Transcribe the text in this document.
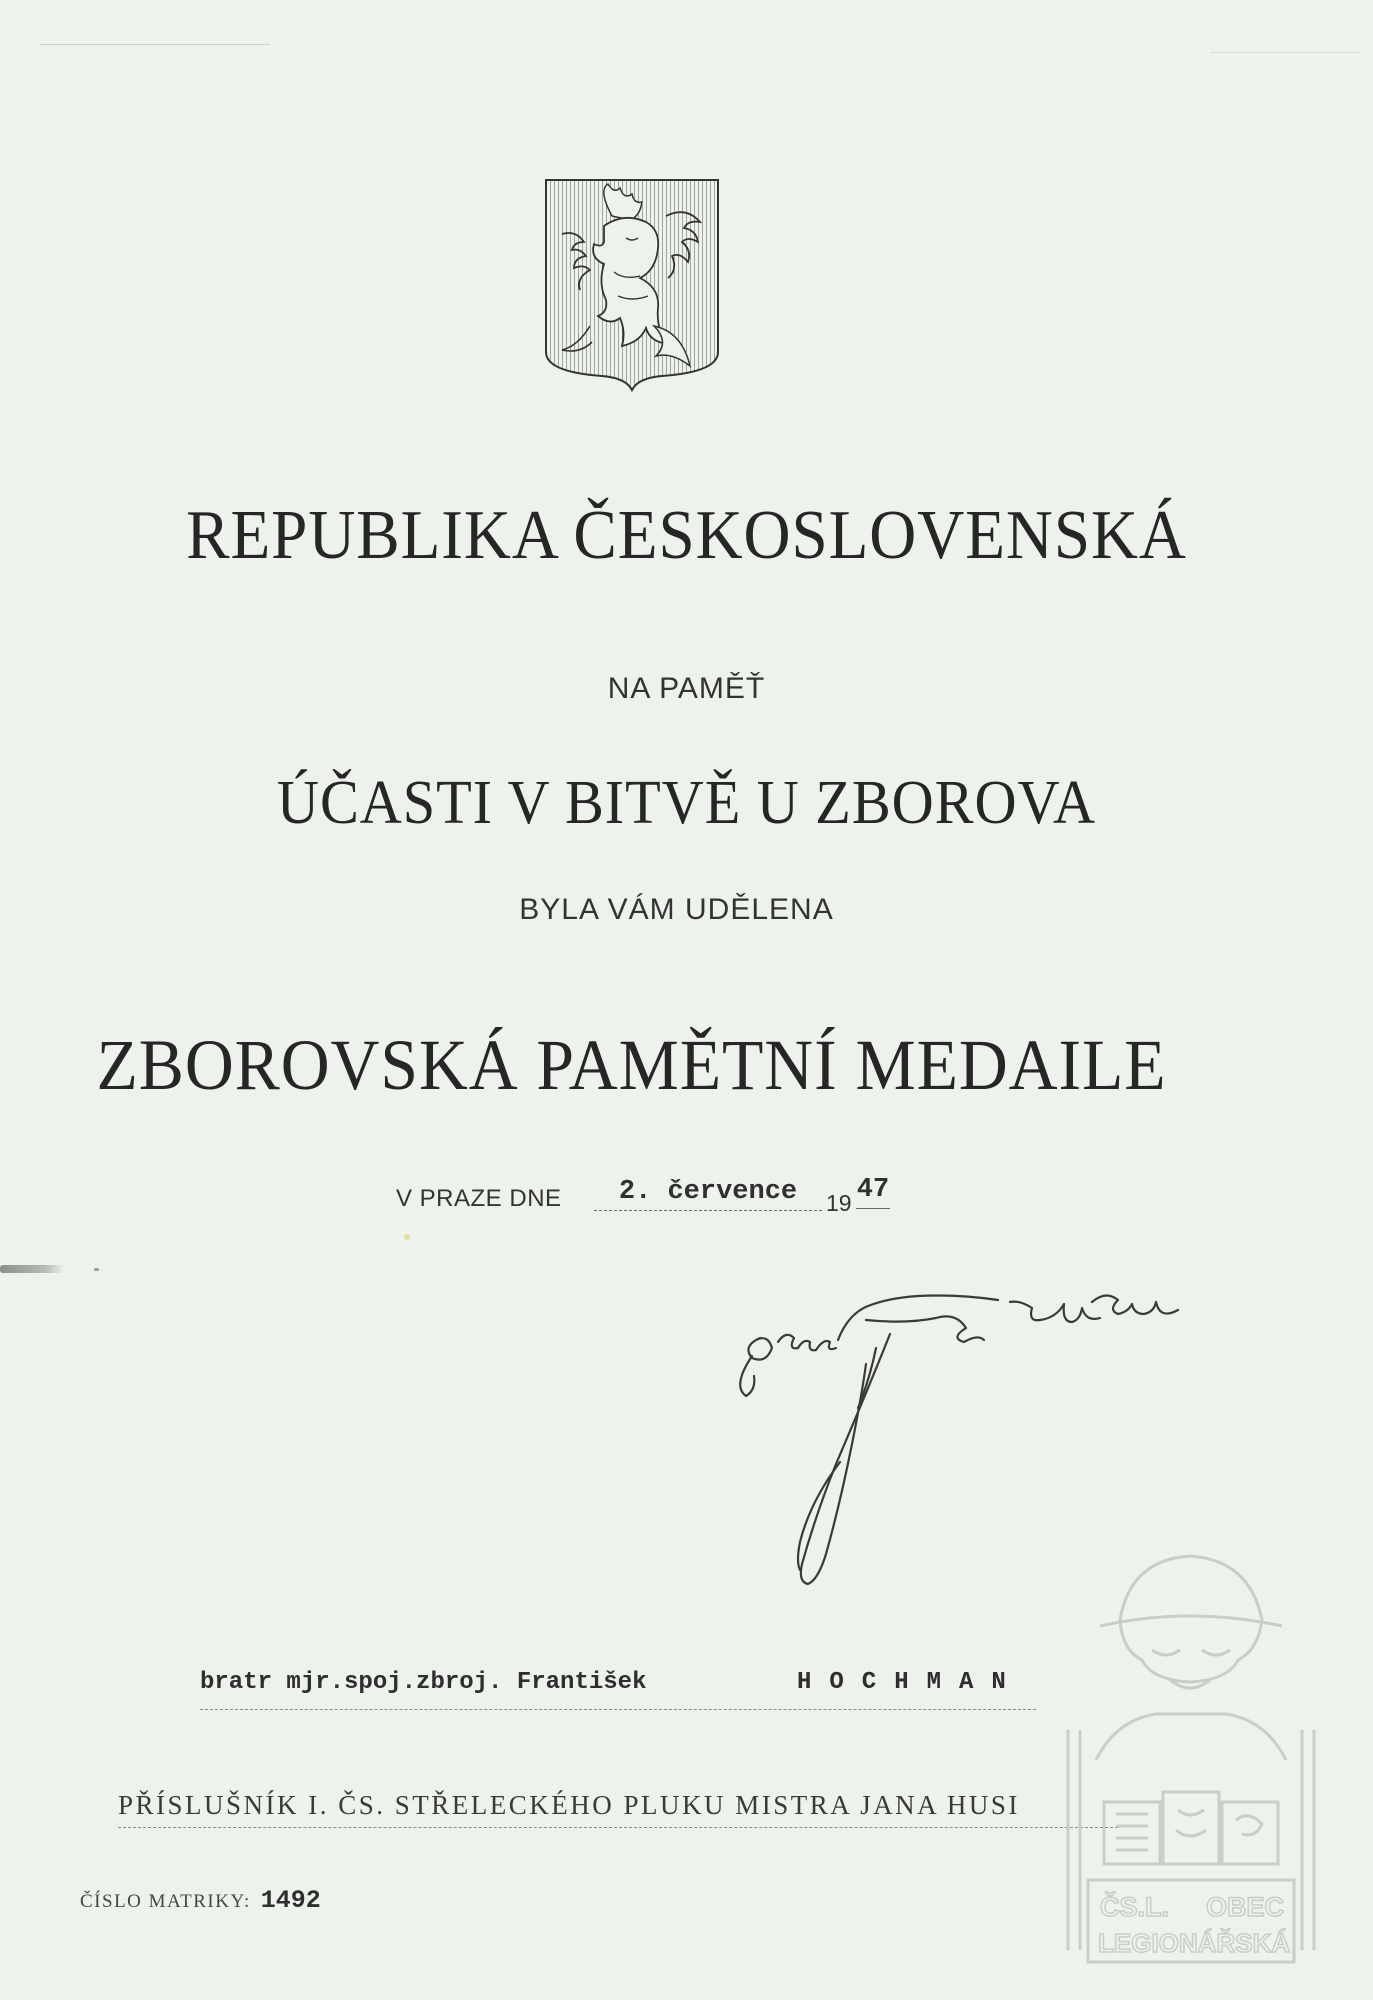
REPUBLIKA ČESKOSLOVENSKÁ
NA PAMĚŤ
ÚČASTI V BITVĚ U ZBOROVA
BYLA VÁM UDĚLENA
ZBOROVSKÁ PAMĚTNÍ MEDAILE
V PRAZE DNE	2. července	19 47
bratr mjr.spoj.zbroj. František	HOCHMAN
PŘÍSLUŠNÍK I. ČS. STŘELECKÉHO PLUKU MISTRA JANA HUSI
ČÍSLO MATRIKY: 1492	ČS.L. OBEC
LEGIONÁŘSKÁ
